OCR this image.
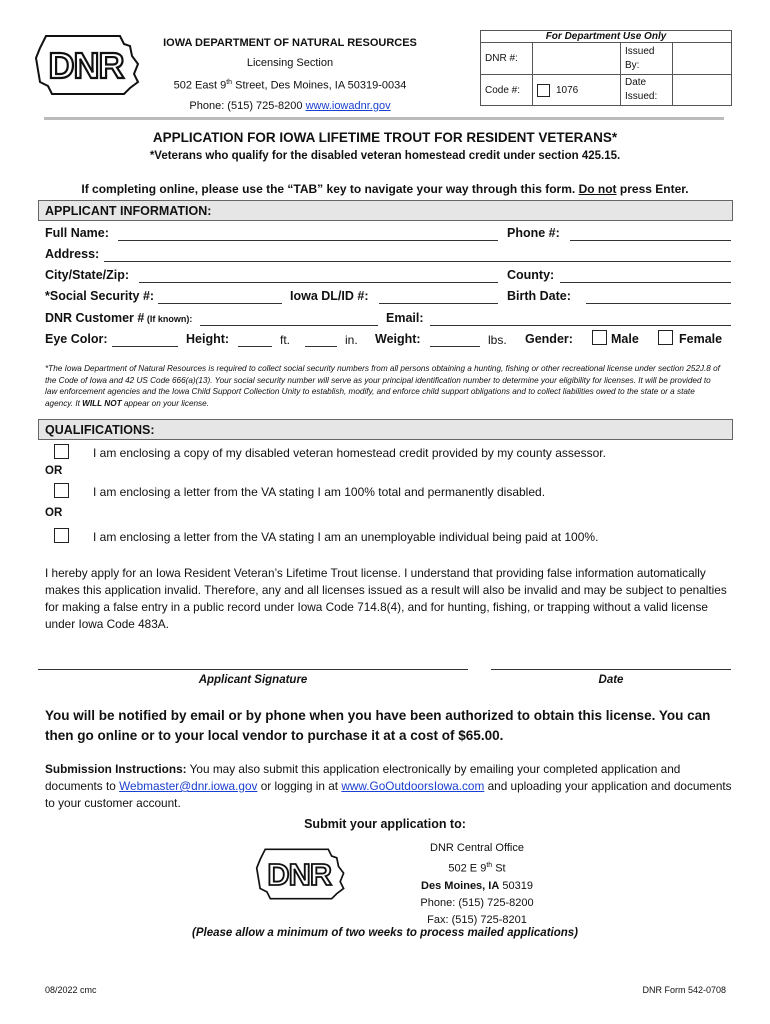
DNR
IOWA DEPARTMENT OF NATURAL RESOURCES
Licensing Section
502 East 9th Street, Des Moines, IA 50319-0034
Phone: (515) 725-8200 www.iowadnr.gov
For Department Use Only			
DNR #:		Issued By:	
Code #:	1076	Date Issued:	
APPLICATION FOR IOWA LIFETIME TROUT FOR RESIDENT VETERANS*
*Veterans who qualify for the disabled veteran homestead credit under section 425.15.
If completing online, please use the “TAB” key to navigate your way through this form. Do not press Enter.
APPLICANT INFORMATION:
Full Name:	Phone #:
Address:
City/State/Zip:	County:
*Social Security #:	Iowa DL/ID #:	Birth Date:
DNR Customer # (If known):	Email:
Eye Color:	Height:	ft.	in. Weight:	lbs. Gender:	Male	Female
*The Iowa Department of Natural Resources is required to collect social security numbers from all persons obtaining a hunting, fishing or other recreational license under section 252J.8 of the Code of Iowa and 42 US Code 666(a)(13). Your social security number will serve as your principal identification number to determine your eligibility for licenses. It will be provided to law enforcement agencies and the Iowa Child Support Collection Unity to establish, modify, and enforce child support obligations and to collect liabilities owed to the state or a state agency. It WILL NOT appear on your license.
QUALIFICATIONS:
I am enclosing a copy of my disabled veteran homestead credit provided by my county assessor.
OR
I am enclosing a letter from the VA stating I am 100% total and permanently disabled.
OR
I am enclosing a letter from the VA stating I am an unemployable individual being paid at 100%.
I hereby apply for an Iowa Resident Veteran’s Lifetime Trout license. I understand that providing false information automatically makes this application invalid. Therefore, any and all licenses issued as a result will also be invalid and may be subject to penalties for making a false entry in a public record under Iowa Code 714.8(4), and for hunting, fishing, or trapping without a valid license under Iowa Code 483A.
Applicant Signature	Date
You will be notified by email or by phone when you have been authorized to obtain this license. You can then go online or to your local vendor to purchase it at a cost of $65.00.
Submission Instructions: You may also submit this application electronically by emailing your completed application and documents to Webmaster@dnr.iowa.gov or logging in at www.GoOutdoorsIowa.com and uploading your application and documents to your customer account.
Submit your application to:
DNR
DNR Central Office
502 E 9th St
Des Moines, IA 50319
Phone: (515) 725-8200
Fax: (515) 725-8201
(Please allow a minimum of two weeks to process mailed applications)
08/2022 cmc	DNR Form 542-0708
